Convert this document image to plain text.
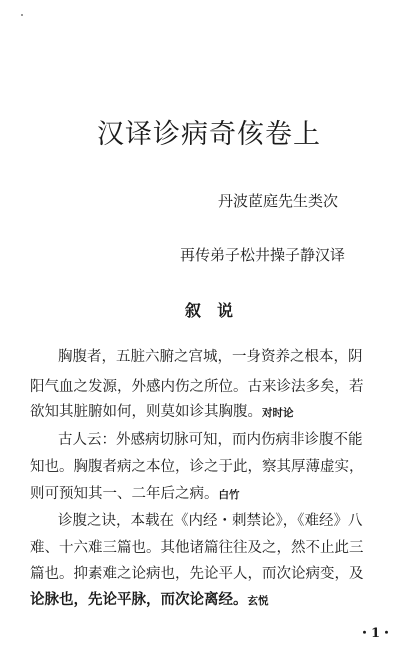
汉译诊病奇侅卷上
丹波茝庭先生类次
再传弟子松井操子静汉译
叙　说
胸腹者，五脏六腑之宫城，一身资养之根本，阴
阳气血之发源，外感内伤之所位。古来诊法多矣，若
欲知其脏腑如何，则莫如诊其胸腹。对时论
古人云：外感病切脉可知，而内伤病非诊腹不能
知也。胸腹者病之本位，诊之于此，察其厚薄虚实，
则可预知其一、二年后之病。白竹
诊腹之诀，本载在《内经・刺禁论》，《难经》八
难、十六难三篇也。其他诸篇往往及之，然不止此三
篇也。抑素难之论病也，先论平人，而次论病变，及
论脉也，先论平脉，而次论离经。玄悦
・1・
